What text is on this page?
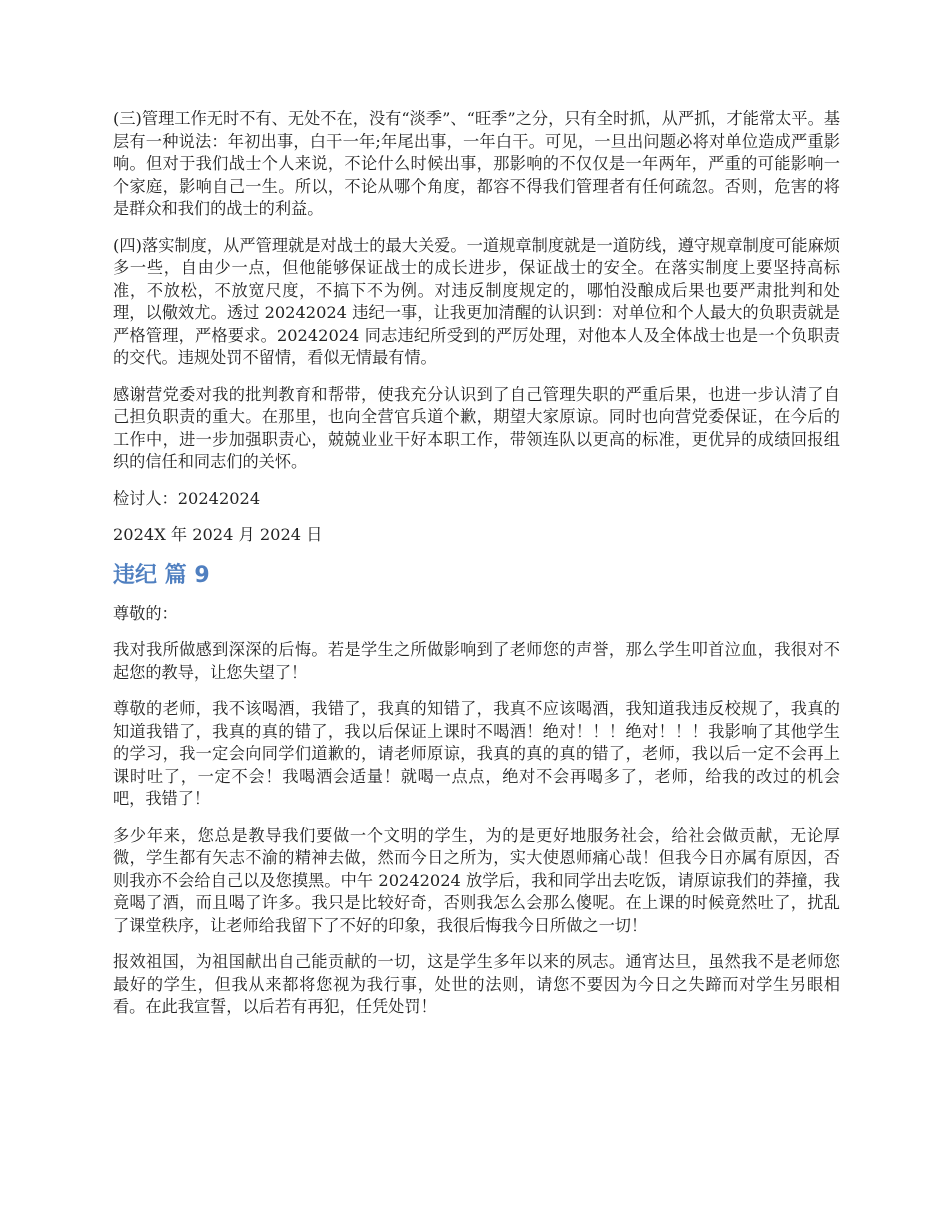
(三)管理工作无时不有、无处不在，没有“淡季”、“旺季”之分，只有全时抓，从严抓，才能常太平。基层有一种说法：年初出事，白干一年;年尾出事，一年白干。可见，一旦出问题必将对单位造成严重影响。但对于我们战士个人来说，不论什么时候出事，那影响的不仅仅是一年两年，严重的可能影响一个家庭，影响自己一生。所以，不论从哪个角度，都容不得我们管理者有任何疏忽。否则，危害的将是群众和我们的战士的利益。

(四)落实制度，从严管理就是对战士的最大关爱。一道规章制度就是一道防线，遵守规章制度可能麻烦多一些，自由少一点，但他能够保证战士的成长进步，保证战士的安全。在落实制度上要坚持高标准，不放松，不放宽尺度，不搞下不为例。对违反制度规定的，哪怕没酿成后果也要严肃批判和处理，以儆效尤。透过 20242024 违纪一事，让我更加清醒的认识到：对单位和个人最大的负职责就是严格管理，严格要求。20242024 同志违纪所受到的严厉处理，对他本人及全体战士也是一个负职责的交代。违规处罚不留情，看似无情最有情。

感谢营党委对我的批判教育和帮带，使我充分认识到了自己管理失职的严重后果，也进一步认清了自己担负职责的重大。在那里，也向全营官兵道个歉，期望大家原谅。同时也向营党委保证，在今后的工作中，进一步加强职责心，兢兢业业干好本职工作，带领连队以更高的标准，更优异的成绩回报组织的信任和同志们的关怀。

检讨人：20242024

2024X 年 2024 月 2024 日

违纪 篇 9

尊敬的：

我对我所做感到深深的后悔。若是学生之所做影响到了老师您的声誉，那么学生叩首泣血，我很对不起您的教导，让您失望了！

尊敬的老师，我不该喝酒，我错了，我真的知错了，我真不应该喝酒，我知道我违反校规了，我真的知道我错了，我真的真的错了，我以后保证上课时不喝酒！绝对！！！绝对！！！我影响了其他学生的学习，我一定会向同学们道歉的，请老师原谅，我真的真的真的错了，老师，我以后一定不会再上课时吐了，一定不会！我喝酒会适量！就喝一点点，绝对不会再喝多了，老师，给我的改过的机会吧，我错了！

多少年来，您总是教导我们要做一个文明的学生，为的是更好地服务社会，给社会做贡献，无论厚微，学生都有矢志不渝的精神去做，然而今日之所为，实大使恩师痛心哉！但我今日亦属有原因，否则我亦不会给自己以及您摸黑。中午 20242024 放学后，我和同学出去吃饭，请原谅我们的莽撞，我竟喝了酒，而且喝了许多。我只是比较好奇，否则我怎么会那么傻呢。在上课的时候竟然吐了，扰乱了课堂秩序，让老师给我留下了不好的印象，我很后悔我今日所做之一切！

报效祖国，为祖国献出自己能贡献的一切，这是学生多年以来的夙志。通宵达旦，虽然我不是老师您最好的学生，但我从来都将您视为我行事，处世的法则，请您不要因为今日之失蹄而对学生另眼相看。在此我宣誓，以后若有再犯，任凭处罚！
